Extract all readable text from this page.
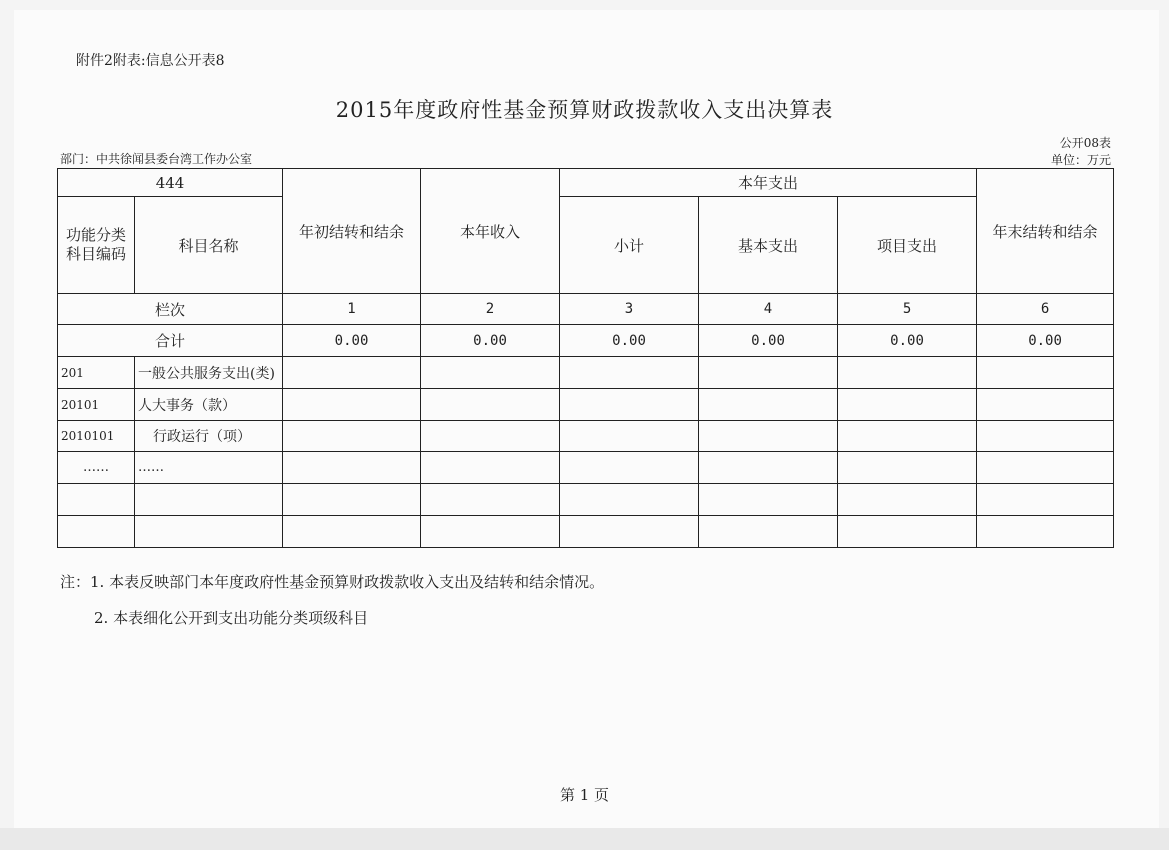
附件2附表:信息公开表8
2015年度政府性基金预算财政拨款收入支出决算表
部门：中共徐闻县委台湾工作办公室
公开08表
单位：万元
444		年初结转和结余	本年收入	本年支出			年末结转和结余

功能分类科目编码	科目名称			小计	基本支出	项目支出	
栏次		1	2	3	4	5	6
合计		0.00	0.00	0.00	0.00	0.00	0.00
201	一般公共服务支出(类)						
20101	人大事务（款）						
2010101	行政运行（项）						
……	……						

注：1. 本表反映部门本年度政府性基金预算财政拨款收入支出及结转和结余情况。
2. 本表细化公开到支出功能分类项级科目
第 1 页
